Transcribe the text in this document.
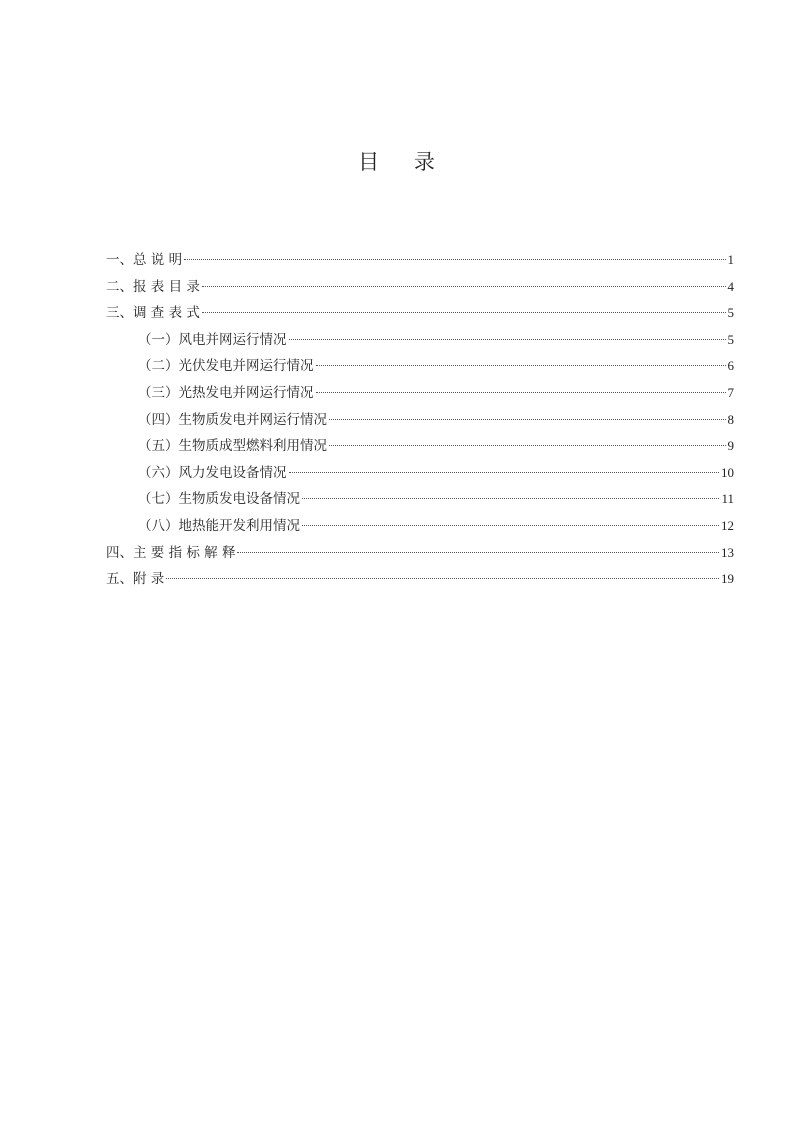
目 录
一、总 说 明	1
二、报 表 目 录	4
三、调 查 表 式	5
（一）风电并网运行情况	5
（二）光伏发电并网运行情况	6
（三）光热发电并网运行情况	7
（四）生物质发电并网运行情况	8
（五）生物质成型燃料利用情况	9
（六）风力发电设备情况	10
（七）生物质发电设备情况	11
（八）地热能开发利用情况	12
四、主 要 指 标 解 释	13
五、附 录	19
